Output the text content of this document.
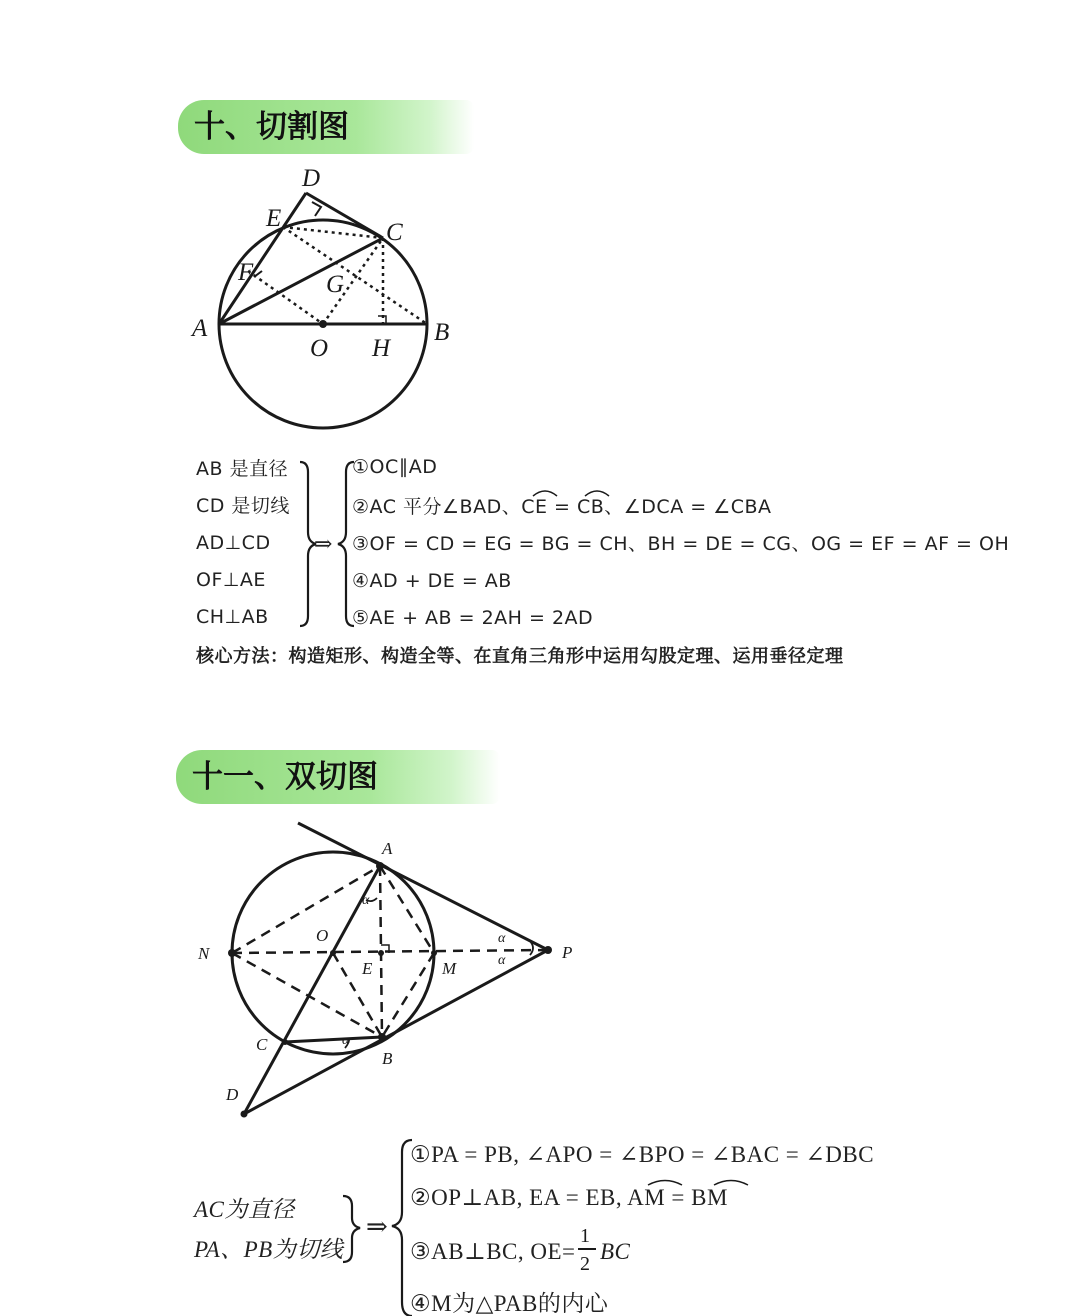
十、切割图
D
E
C
F	G
A
O H
B
AB 是直径
CD 是切线
AD⊥CD
OF⊥AE
CH⊥AB
⇒
①OC∥AD
②AC 平分∠BAD、CE = CB、∠DCA = ∠CBA
③OF = CD = EG = BG = CH、BH = DE = CG、OG = EF = AF = OH
④AD + DE = AB
⑤AE + AB = 2AH = 2AD
核心方法：构造矩形、构造全等、在直角三角形中运用勾股定理、运用垂径定理
十一、双切图
A
N
O
E	M
P
C
B
D
α
α
α
α
AC为直径
PA、PB为切线
⇒
①PA = PB, ∠APO = ∠BPO = ∠BAC = ∠DBC
②OP⊥AB, EA = EB, AM = BM
③AB⊥BC, OE=
1
2 BC
④M为△PAB的内心
